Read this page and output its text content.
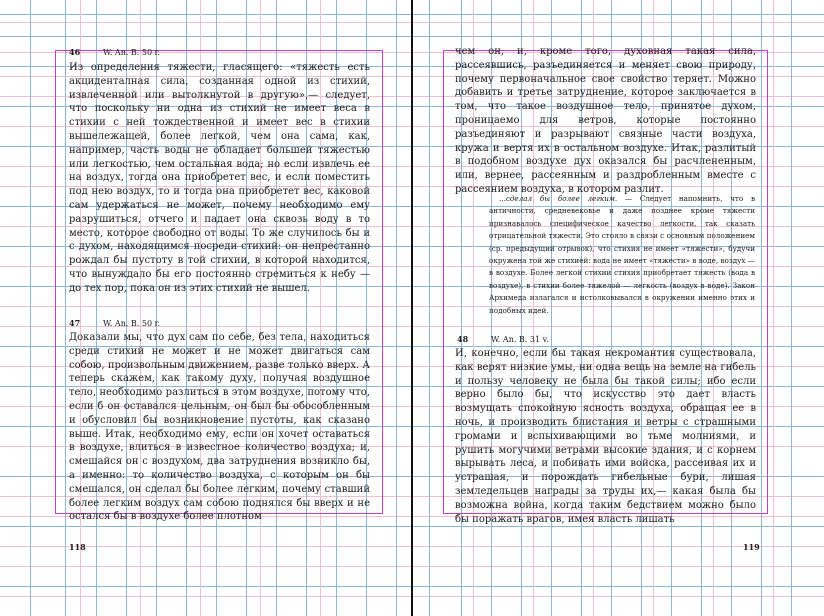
46	W. An. B. 50 r.

Из определения тяжести, гласящего: «тяжесть есть акциденталная сила, созданная одной из стихий, извлеченной или вытолкнутой в другую»,— следует, что поскольку ни одна из стихий не имеет веса в стихии с ней тождественной и имеет вес в стихии вышележащей, более легкой, чем она сама, как, например, часть воды не обладает большей тяжестью или легкостью, чем остальная вода; но если извлечь ее на воздух, тогда она приобретет вес, и если поместить под нею воздух, то и тогда она приобретет вес, каковой сам удержаться не может, почему необходимо ему разрушиться, отчего и падает она сквозь воду в то место, которое свободно от воды. То же случилось бы и с духом, находящимся посреди стихий: он непрестанно рождал бы пустоту в той стихии, в которой находится, что вынуждало бы его постоянно стремиться к небу — до тех пор, пока он из этих стихий не вышел.

47	W. An. B. 50 r.

Доказали мы, что дух сам по себе, без тела, находиться среди стихий не может и не может двигаться сам собою, произвольным движением, разве только вверх. А теперь скажем, как такому духу, получая воздушное тело, необходимо разлиться в этом воздухе, потому что, если б он оставался цельным, он был бы обособленным и обусловил бы возникновение пустоты, как сказано выше. Итак, необходимо ему, если он хочет оставаться в воздухе, влиться в известное количество воздуха; и, смешайся он с воздухом, два затруднения возникло бы, а именно: то количество воздуха, с которым он бы смешался, он сделал бы более легким, почему ставший более легким воздух сам собою поднялся бы вверх и не остался бы в воздухе более плотном

118

чем он, и, кроме того, духовная такая сила, рассеявшись, разъединяется и меняет свою природу, почему первоначальное свое свойство теряет. Можно добавить и третье затруднение, которое заключается в том, что такое воздушное тело, принятое духом, проницаемо для ветров, которые постоянно разъединяют и разрывают связные части воздуха, кружа и вертя их в остальном воздухе. Итак, разлитый в подобном воздухе дух оказался бы расчлененным, или, вернее, рассеянным и раздробленным вместе с рассеянием воздуха, в котором разлит.

...сделал бы более легким. — Следует напомнить, что в античности, средневековье и даже позднее кроме тяжести признавалось специфическое качество легкости, так сказать отрицательной тяжести. Это стояло в связи с основным положением (ср. предыдущий отрывок), что стихия не имеет «тяжести», будучи окружена той же стихией: вода не имеет «тяжести» в воде, воздух — в воздухе. Более легкой стихии стихия приобретает тяжесть (вода в воздухе), в стихии более тяжелой — легкость (воздух в воде). Закон Архимеда излагался и истолковывался в окружении именно этих и подобных идей.

48	W. An. B. 31 v.

И, конечно, если бы такая некромантия существовала, как верят низкие умы, ни одна вещь на земле на гибель и пользу человеку не была бы такой силы; ибо если верно было бы, что искусство это дает власть возмущать спокойную ясность воздуха, обращая ее в ночь, и производить блистания и ветры с страшными громами и вспыхивающими во тьме молниями, и рушить могучими ветрами высокие здания, и с корнем вырывать леса, и побивать ими войска, рассеивая их и устрашая, и порождать гибельные бури, лишая земледельцев награды за труды их,— какая была бы возможна война, когда таким бедствием можно было бы поражать врагов, имея власть лишать

119
